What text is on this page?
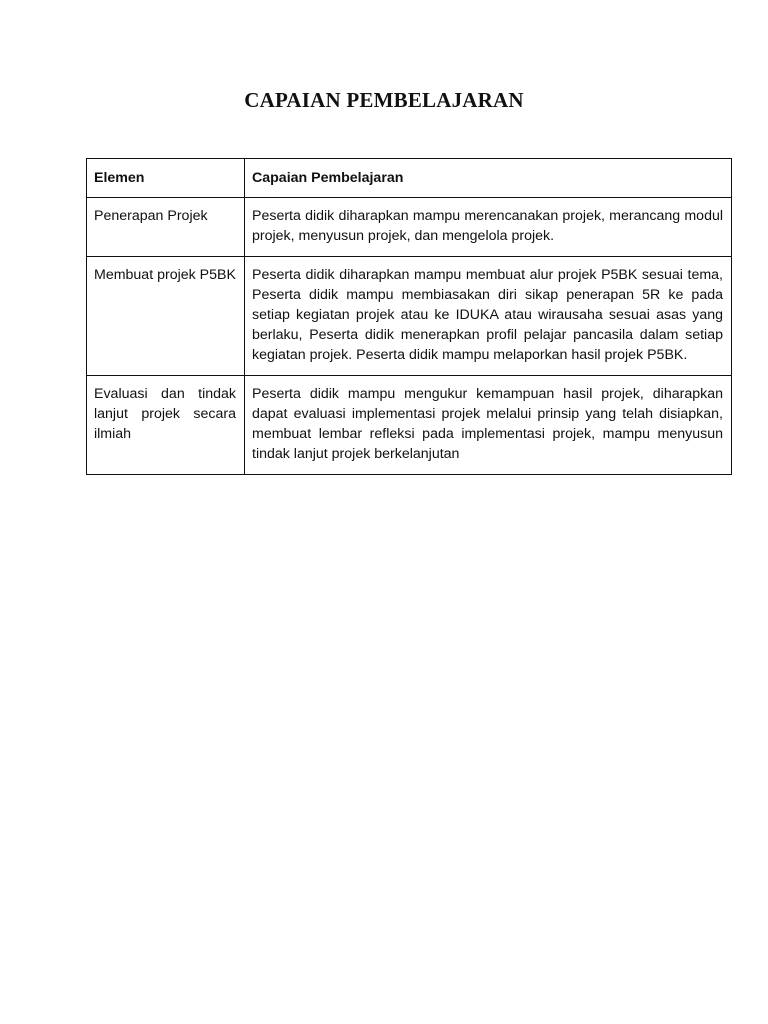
CAPAIAN PEMBELAJARAN
Elemen	Capaian Pembelajaran
Penerapan Projek	Peserta didik diharapkan mampu merencanakan projek, merancang modul projek, menyusun projek, dan mengelola projek.
Membuat projek P5BK	Peserta didik diharapkan mampu membuat alur projek P5BK sesuai tema, Peserta didik mampu membiasakan diri sikap penerapan 5R ke pada setiap kegiatan projek atau ke IDUKA atau wirausaha sesuai asas yang berlaku, Peserta didik menerapkan profil pelajar pancasila dalam setiap kegiatan projek. Peserta didik mampu melaporkan hasil projek P5BK.
Evaluasi dan tindak lanjut projek secara ilmiah	Peserta didik mampu mengukur kemampuan hasil projek, diharapkan dapat evaluasi implementasi projek melalui prinsip yang telah disiapkan, membuat lembar refleksi pada implementasi projek, mampu menyusun tindak lanjut projek berkelanjutan
